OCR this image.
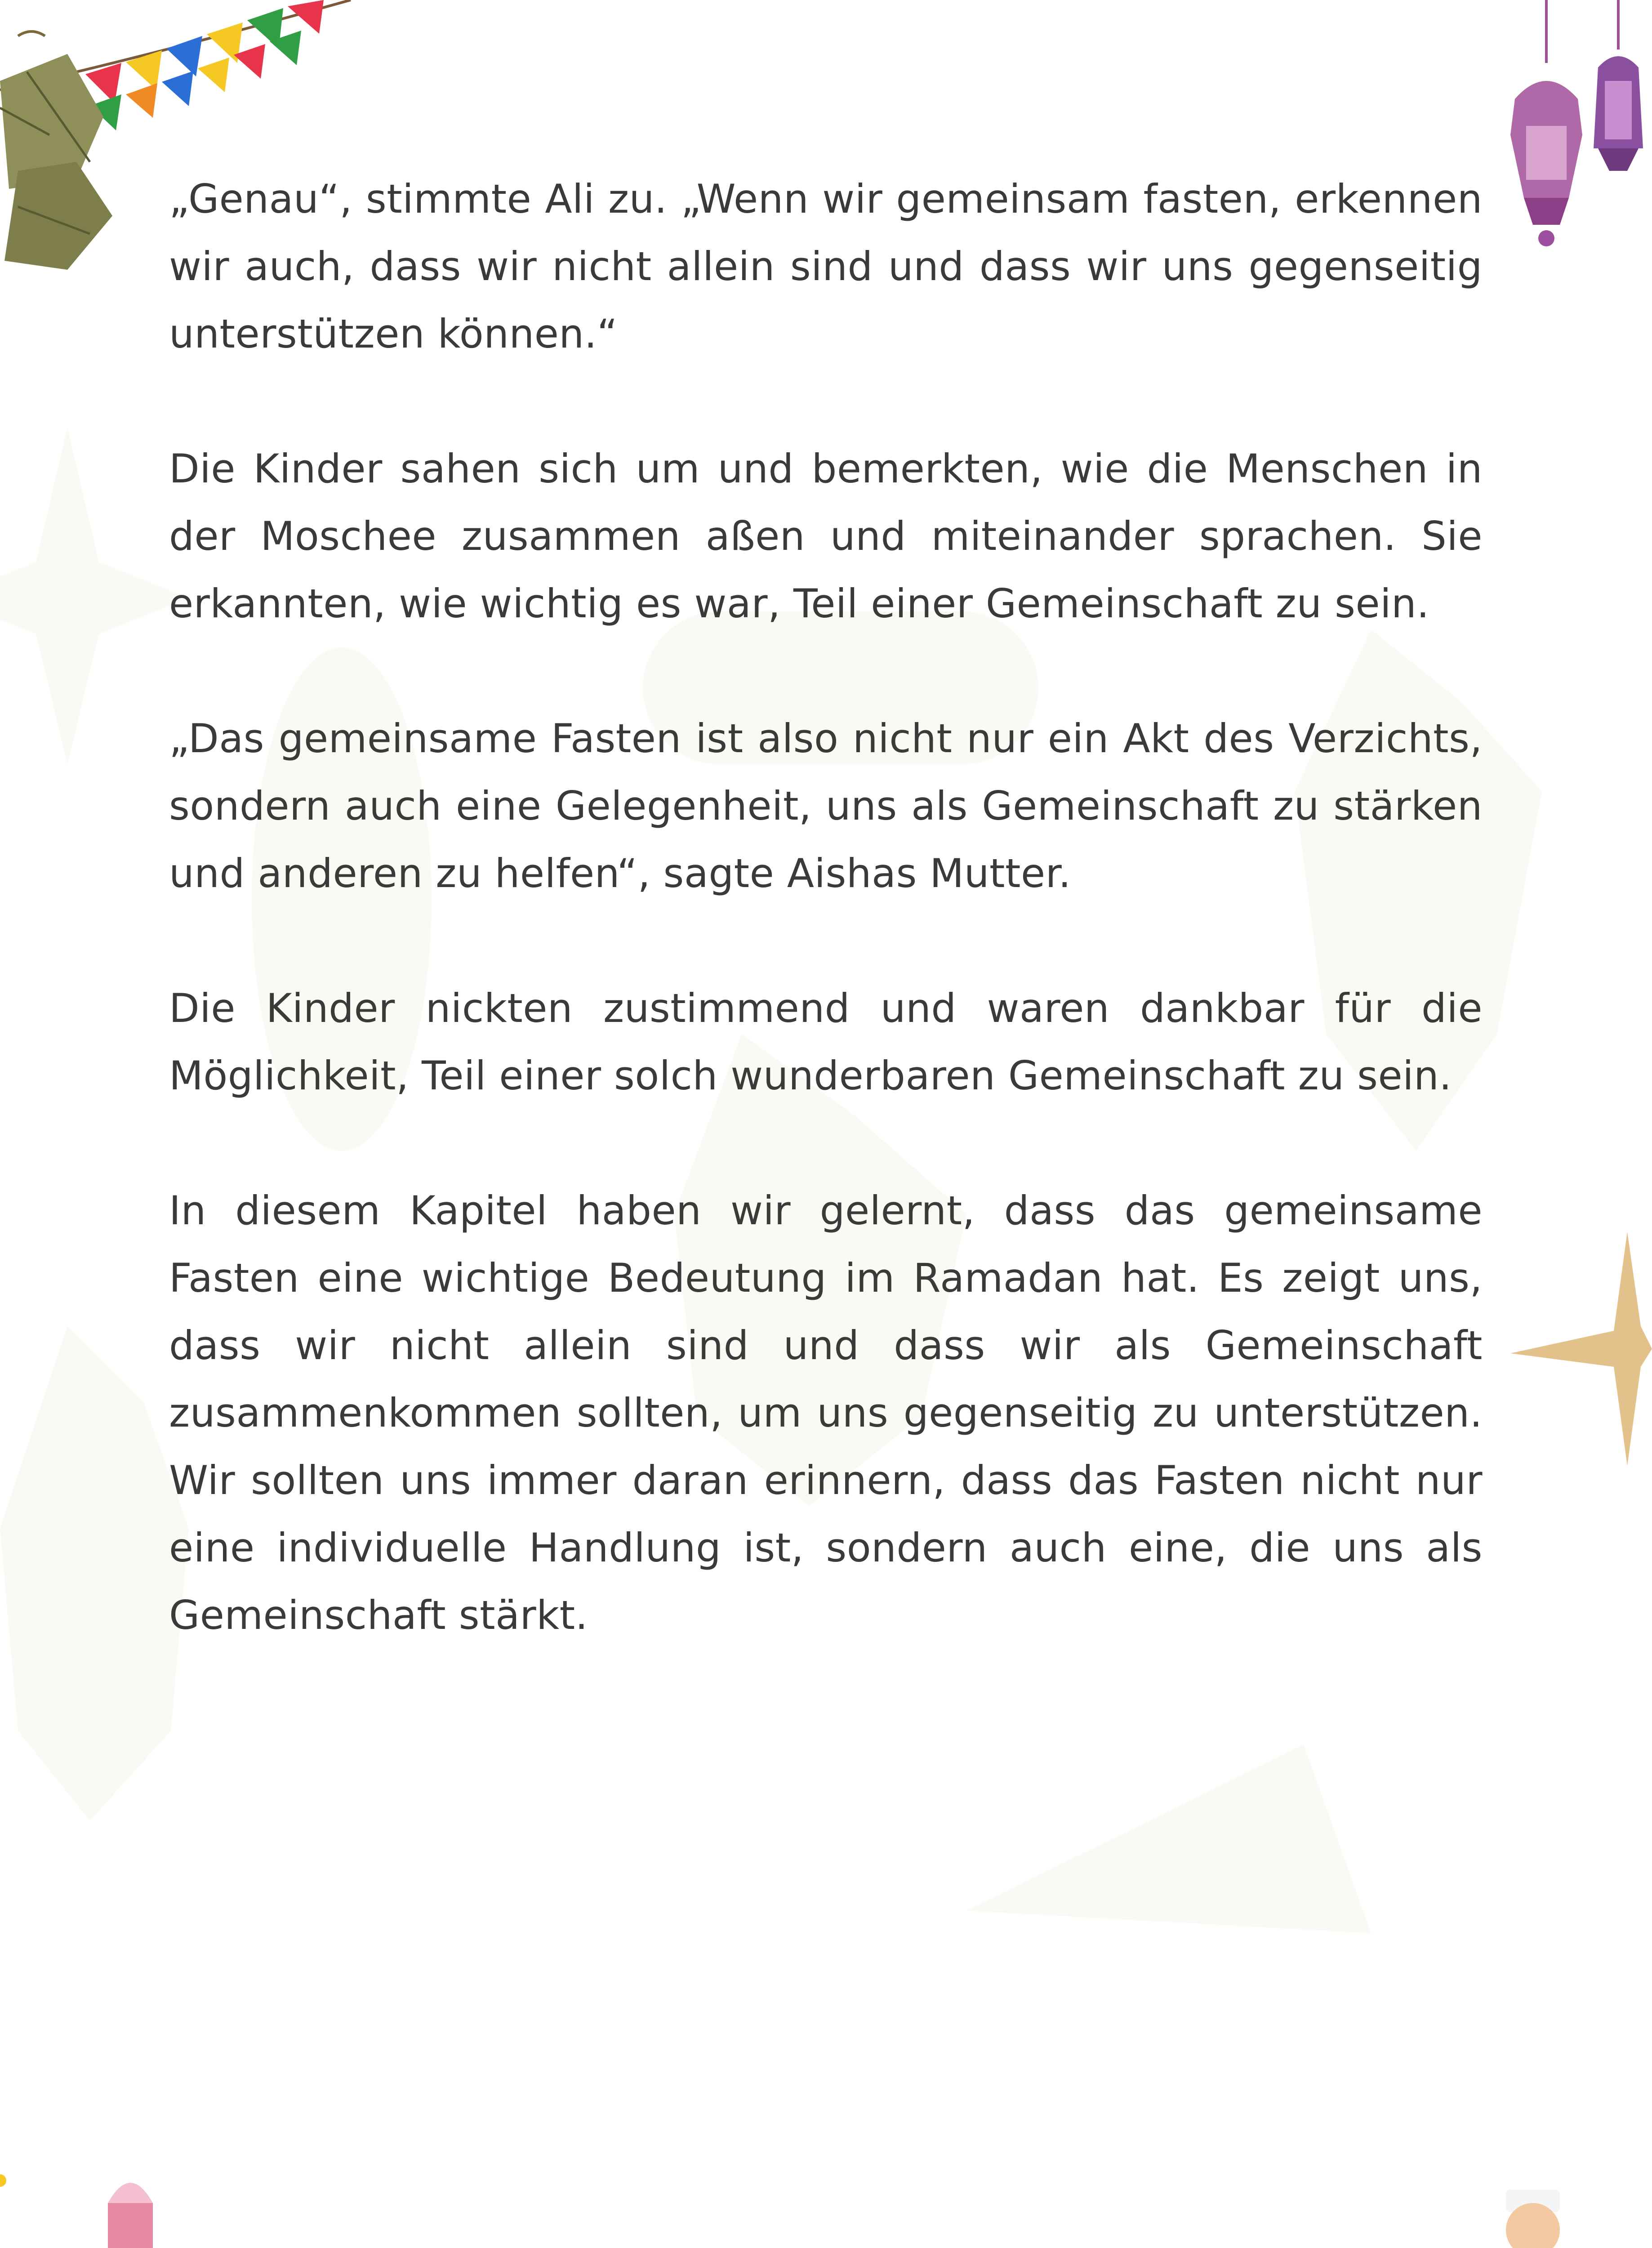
„Genau“, stimmte Ali zu. „Wenn wir gemeinsam fasten, erkennen wir auch, dass wir nicht allein sind und dass wir uns gegenseitig unterstützen können.“

Die Kinder sahen sich um und bemerkten, wie die Menschen in der Moschee zusammen aßen und miteinander sprachen. Sie erkannten, wie wichtig es war, Teil einer Gemeinschaft zu sein.

„Das gemeinsame Fasten ist also nicht nur ein Akt des Verzichts, sondern auch eine Gelegenheit, uns als Gemeinschaft zu stärken und anderen zu helfen“, sagte Aishas Mutter.

Die Kinder nickten zustimmend und waren dankbar für die Möglichkeit, Teil einer solch wunderbaren Gemeinschaft zu sein.

In diesem Kapitel haben wir gelernt, dass das gemeinsame Fasten eine wichtige Bedeutung im Ramadan hat. Es zeigt uns, dass wir nicht allein sind und dass wir als Gemeinschaft zusammenkommen sollten, um uns gegenseitig zu unterstützen. Wir sollten uns immer daran erinnern, dass das Fasten nicht nur eine individuelle Handlung ist, sondern auch eine, die uns als Gemeinschaft stärkt.
